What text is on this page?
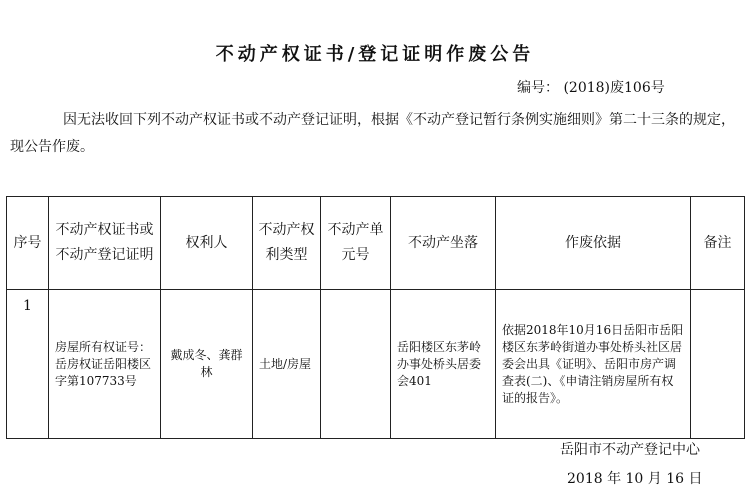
不动产权证书/登记证明作废公告
编号： (2018)废106号
因无法收回下列不动产权证书或不动产登记证明，根据《不动产登记暂行条例实施细则》第二十三条的规定，现公告作废。
序号	不动产权证书或不动产登记证明	权利人	不动产权利类型	不动产单元号	不动产坐落	作废依据	备注
1	房屋所有权证号：岳房权证岳阳楼区字第107733号	戴成冬、龚群林	土地/房屋		岳阳楼区东茅岭办事处桥头居委会401	依据2018年10月16日岳阳市岳阳楼区东茅岭街道办事处桥头社区居委会出具《证明》、岳阳市房产调查表(二)、《申请注销房屋所有权证的报告》。	
岳阳市不动产登记中心
2018 年 10 月 16 日
